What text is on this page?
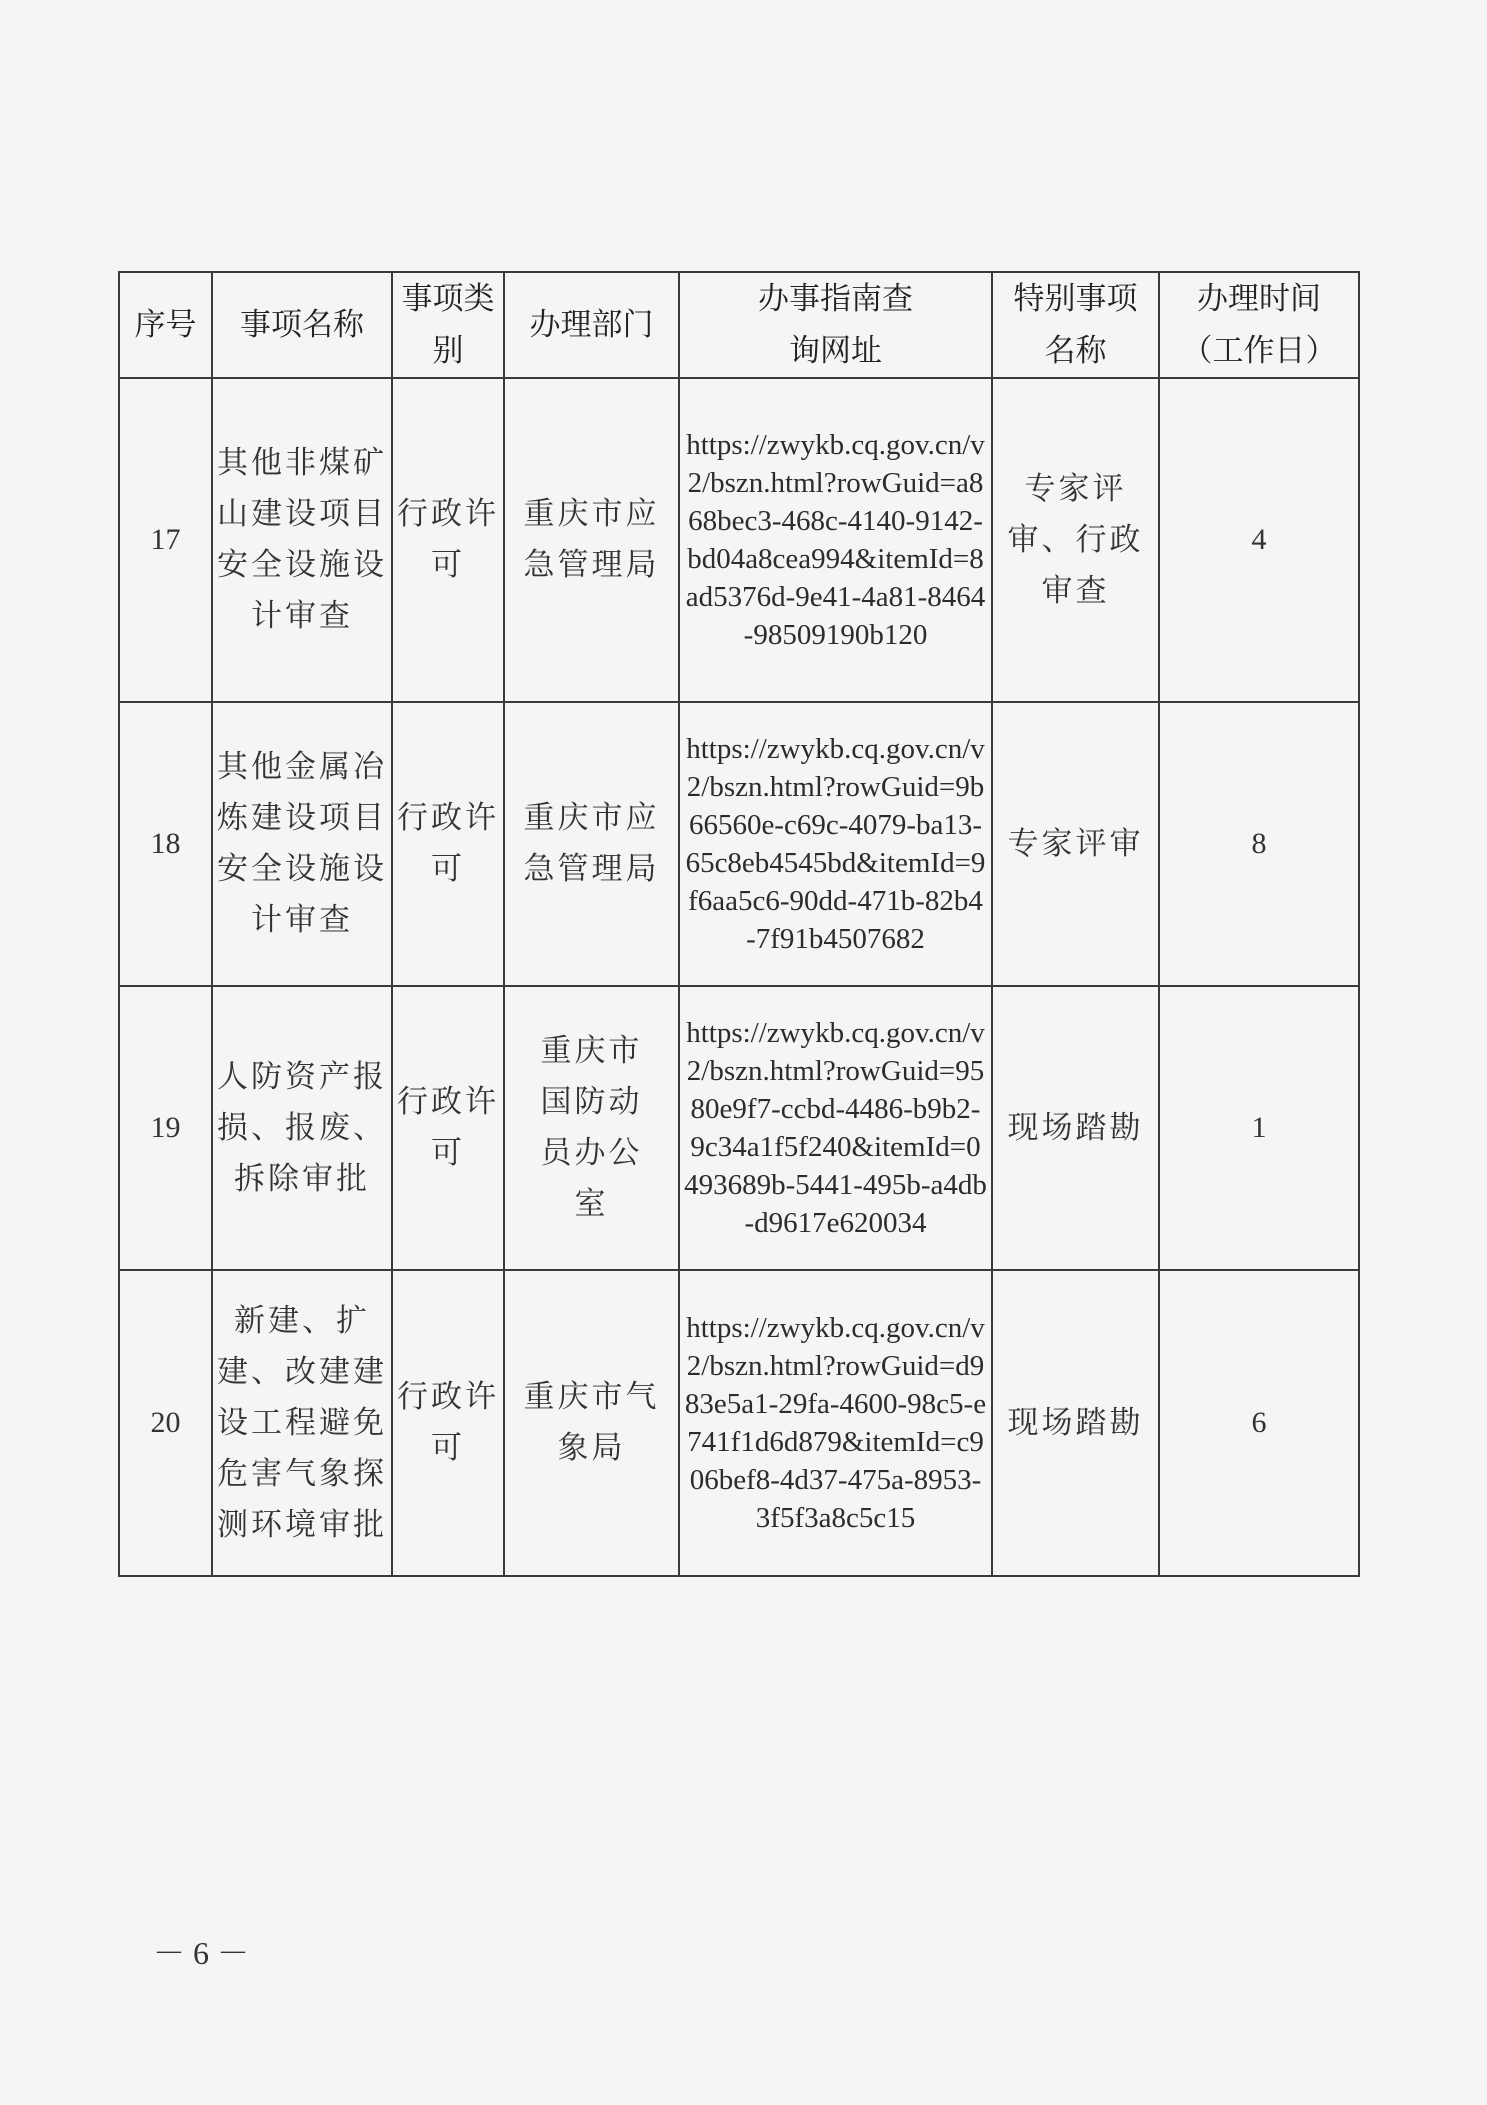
序号	事项名称	事项类别	办理部门	办事指南查询网址	特别事项名称	办理时间（工作日）
17	其他非煤矿山建设项目安全设施设计审查	行政许可	重庆市应急管理局	https://zwykb.cq.gov.cn/v2/bszn.html?rowGuid=a868bec3-468c-4140-9142-bd04a8cea994&itemId=8ad5376d-9e41-4a81-8464-98509190b120	专家评审、行政审查	4
18	其他金属冶炼建设项目安全设施设计审查	行政许可	重庆市应急管理局	https://zwykb.cq.gov.cn/v2/bszn.html?rowGuid=9b66560e-c69c-4079-ba13-65c8eb4545bd&itemId=9f6aa5c6-90dd-471b-82b4-7f91b4507682	专家评审	8
19	人防资产报损、报废、拆除审批	行政许可	重庆市国防动员办公室	https://zwykb.cq.gov.cn/v2/bszn.html?rowGuid=9580e9f7-ccbd-4486-b9b2-9c34a1f5f240&itemId=0493689b-5441-495b-a4db-d9617e620034	现场踏勘	1
20	新建、扩建、改建建设工程避免危害气象探测环境审批	行政许可	重庆市气象局	https://zwykb.cq.gov.cn/v2/bszn.html?rowGuid=d983e5a1-29fa-4600-98c5-e741f1d6d879&itemId=c906bef8-4d37-475a-8953-3f5f3a8c5c15	现场踏勘	6
－ 6 －
